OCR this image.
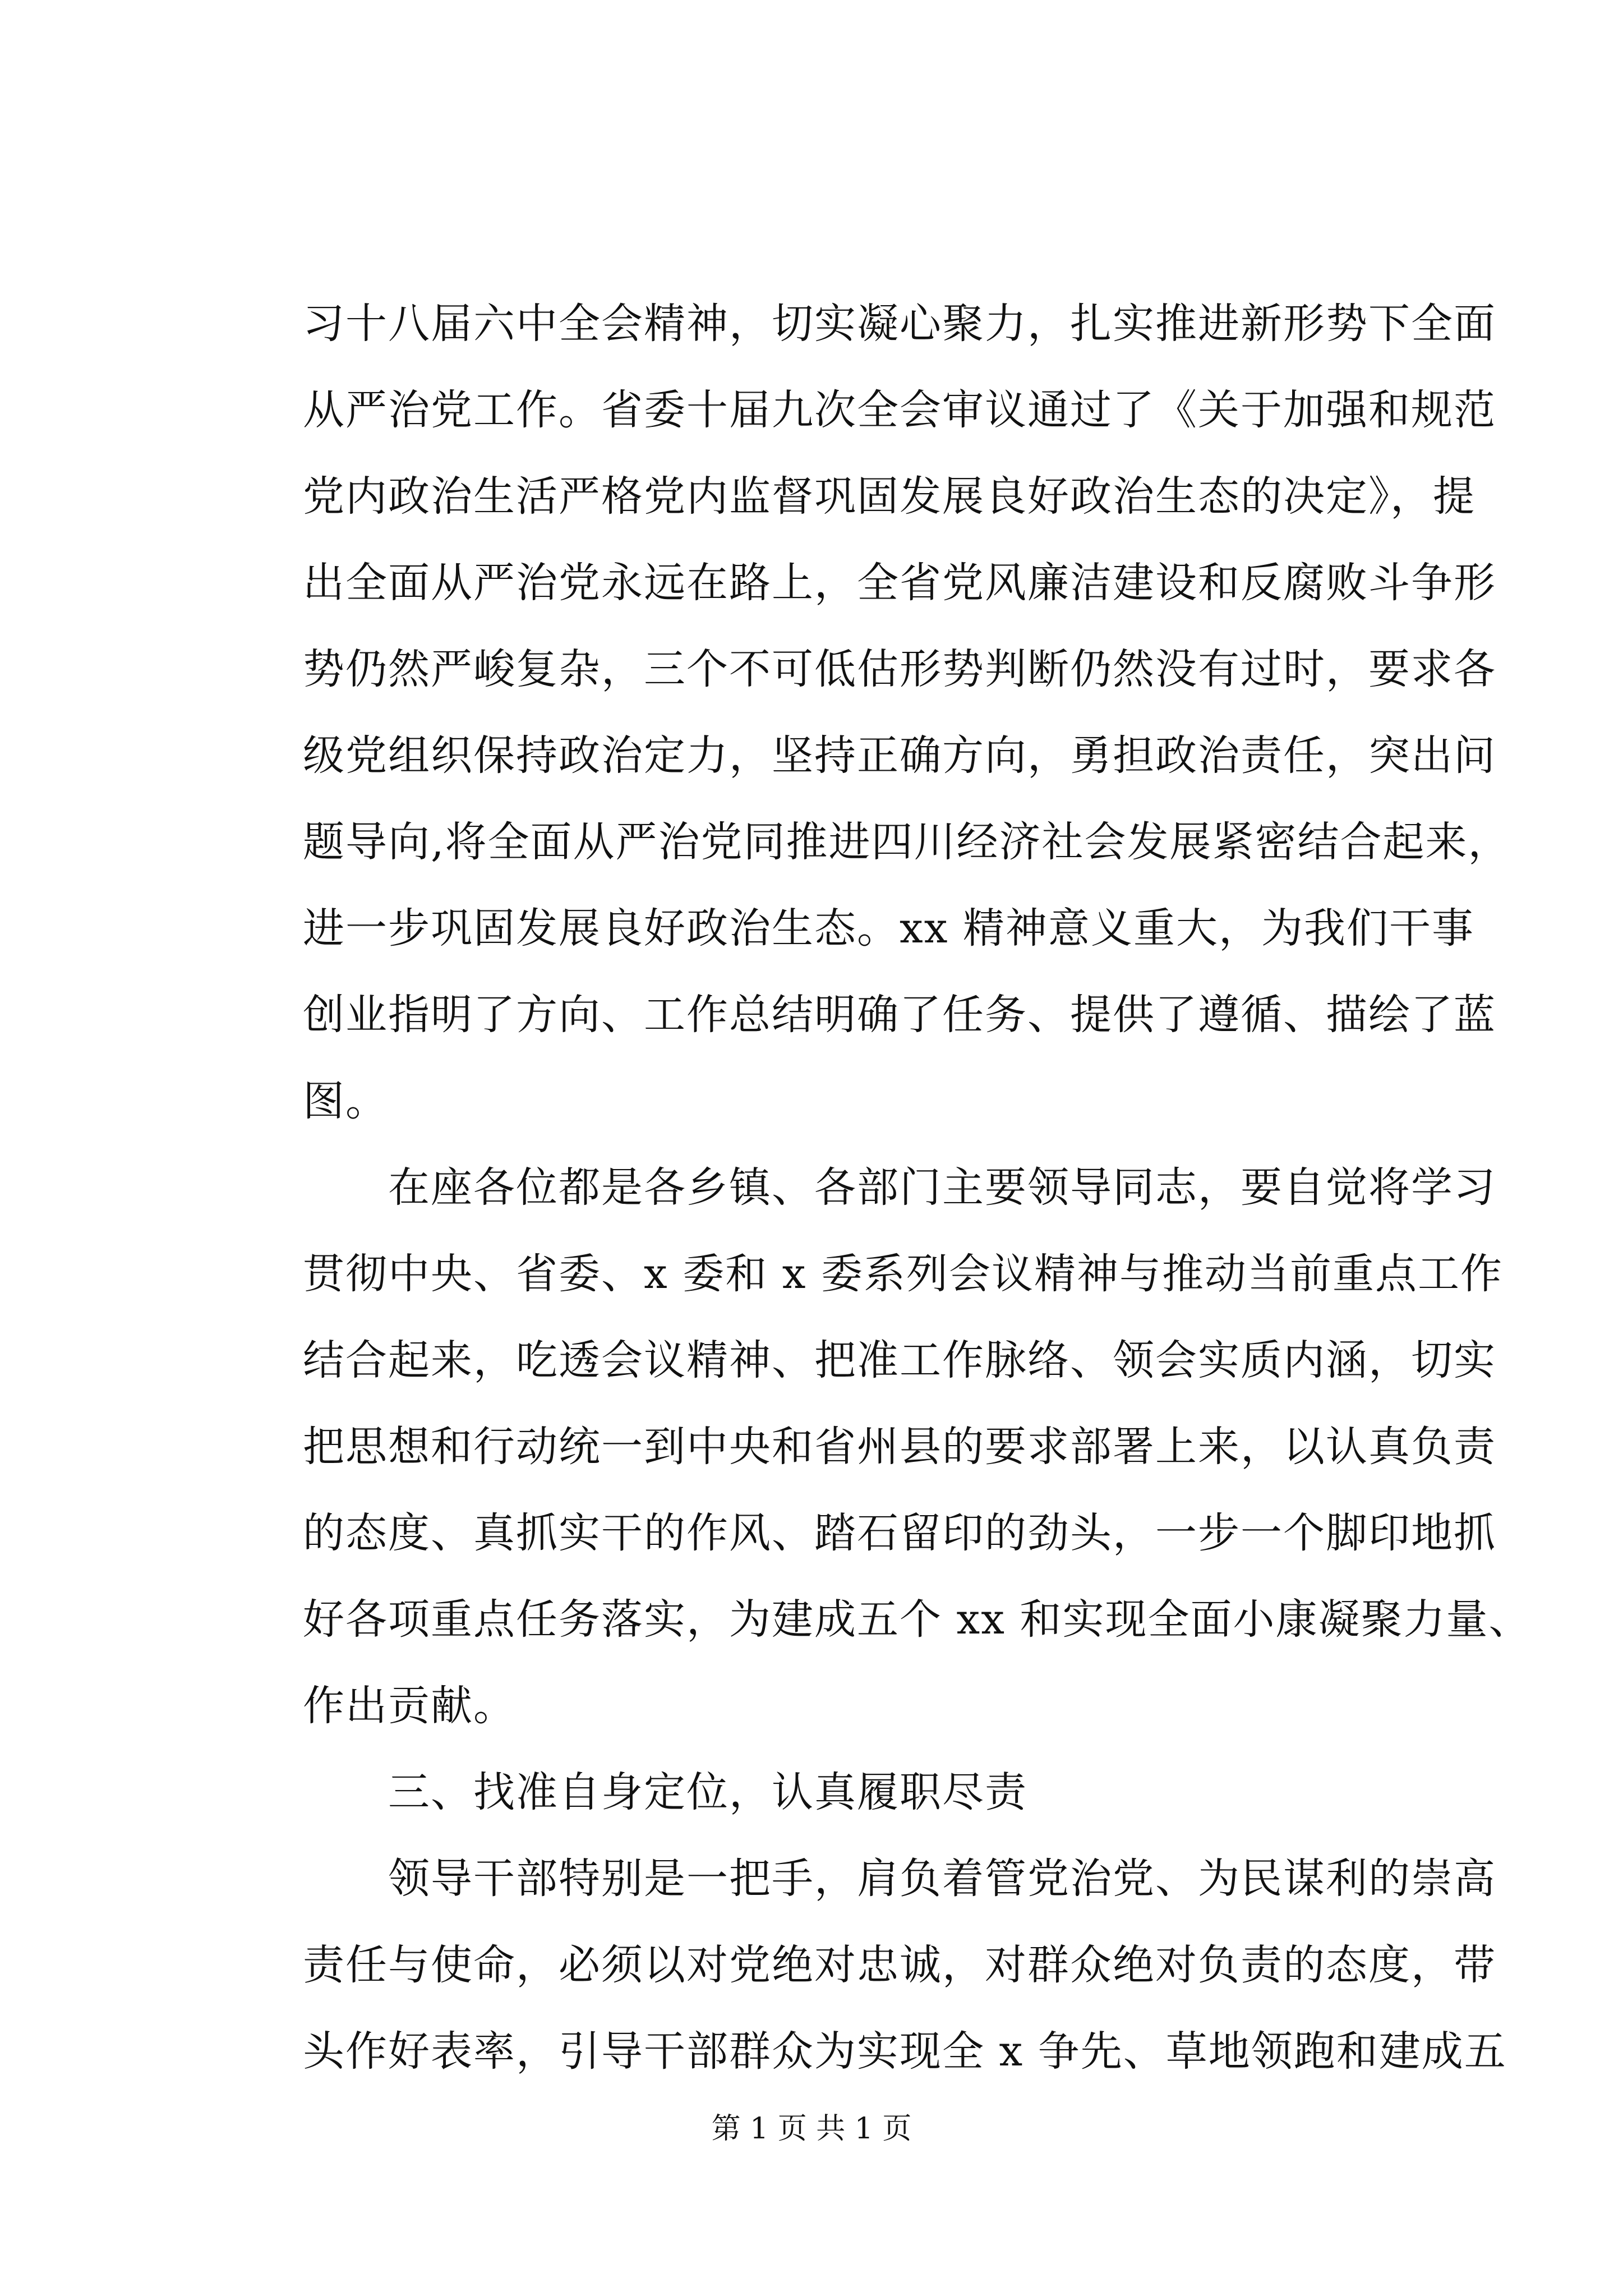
习十八届六中全会精神，切实凝心聚力，扎实推进新形势下全面
从严治党工作。省委十届九次全会审议通过了《关于加强和规范
党内政治生活严格党内监督巩固发展良好政治生态的决定》，提
出全面从严治党永远在路上，全省党风廉洁建设和反腐败斗争形
势仍然严峻复杂，三个不可低估形势判断仍然没有过时，要求各
级党组织保持政治定力，坚持正确方向，勇担政治责任，突出问
题导向,将全面从严治党同推进四川经济社会发展紧密结合起来，
进一步巩固发展良好政治生态。xx 精神意义重大，为我们干事
创业指明了方向、工作总结明确了任务、提供了遵循、描绘了蓝
图。
　　在座各位都是各乡镇、各部门主要领导同志，要自觉将学习
贯彻中央、省委、x 委和 x 委系列会议精神与推动当前重点工作
结合起来，吃透会议精神、把准工作脉络、领会实质内涵，切实
把思想和行动统一到中央和省州县的要求部署上来，以认真负责
的态度、真抓实干的作风、踏石留印的劲头，一步一个脚印地抓
好各项重点任务落实，为建成五个 xx 和实现全面小康凝聚力量、
作出贡献。
　　三、找准自身定位，认真履职尽责
　　领导干部特别是一把手，肩负着管党治党、为民谋利的崇高
责任与使命，必须以对党绝对忠诚，对群众绝对负责的态度，带
头作好表率，引导干部群众为实现全 x 争先、草地领跑和建成五
第 1 页 共 1 页
